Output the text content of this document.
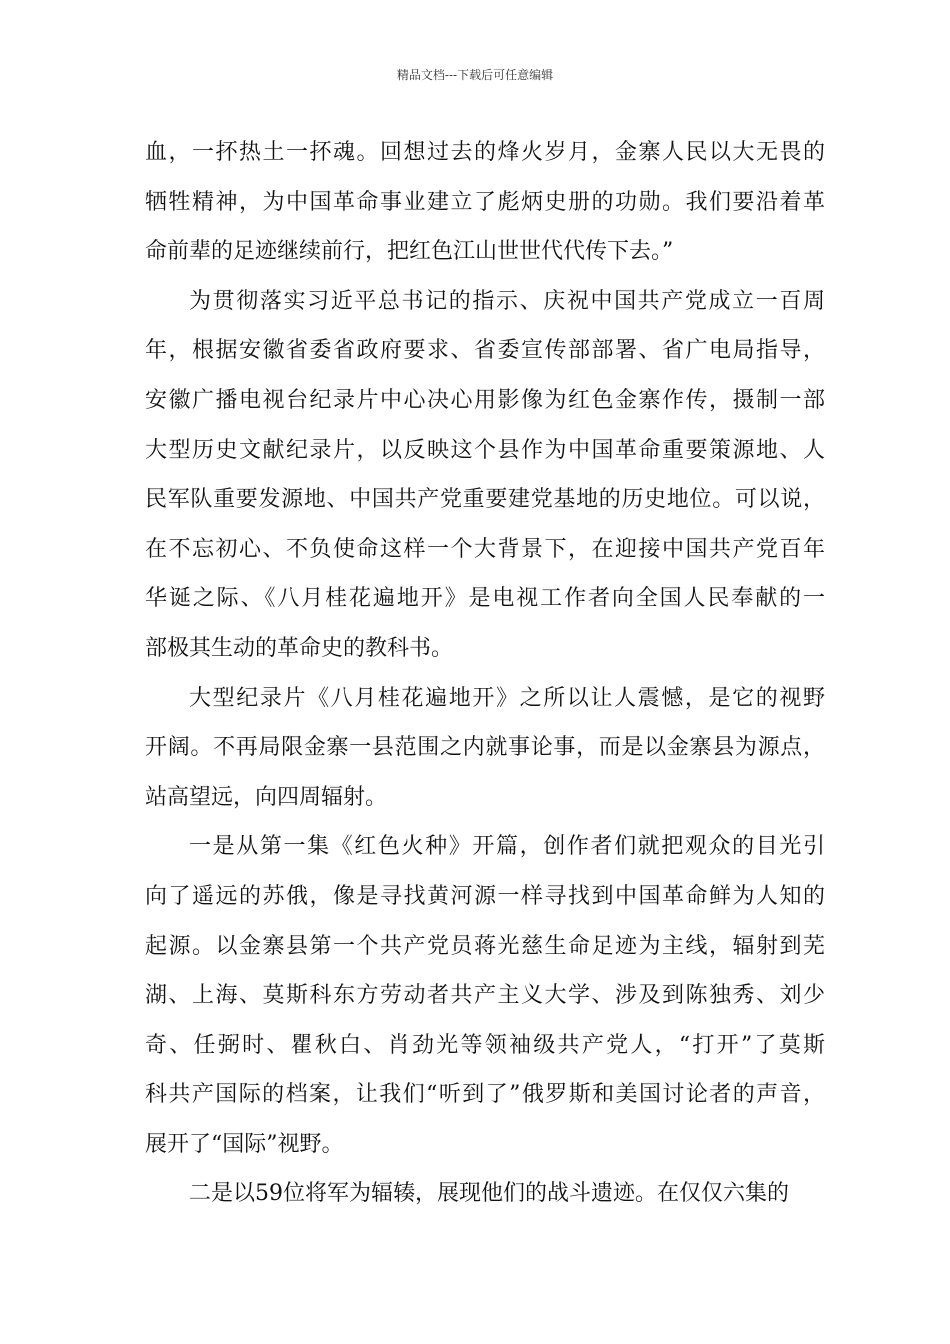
精品文档---下载后可任意编辑
血，一抔热土一抔魂。回想过去的烽火岁月，金寨人民以大无畏的
牺牲精神，为中国革命事业建立了彪炳史册的功勋。我们要沿着革
命前辈的足迹继续前行，把红色江山世世代代传下去。”
为贯彻落实习近平总书记的指示、庆祝中国共产党成立一百周
年，根据安徽省委省政府要求、省委宣传部部署、省广电局指导，
安徽广播电视台纪录片中心决心用影像为红色金寨作传，摄制一部
大型历史文献纪录片，以反映这个县作为中国革命重要策源地、人
民军队重要发源地、中国共产党重要建党基地的历史地位。可以说，
在不忘初心、不负使命这样一个大背景下，在迎接中国共产党百年
华诞之际、《八月桂花遍地开》是电视工作者向全国人民奉献的一
部极其生动的革命史的教科书。
大型纪录片《八月桂花遍地开》之所以让人震憾，是它的视野
开阔。不再局限金寨一县范围之内就事论事，而是以金寨县为源点，
站高望远，向四周辐射。
一是从第一集《红色火种》开篇，创作者们就把观众的目光引
向了遥远的苏俄，像是寻找黄河源一样寻找到中国革命鲜为人知的
起源。以金寨县第一个共产党员蒋光慈生命足迹为主线，辐射到芜
湖、上海、莫斯科东方劳动者共产主义大学、涉及到陈独秀、刘少
奇、任弼时、瞿秋白、肖劲光等领袖级共产党人，“打开”了莫斯
科共产国际的档案，让我们“听到了”俄罗斯和美国讨论者的声音，
展开了“国际”视野。
二是以59位将军为辐辏，展现他们的战斗遗迹。在仅仅六集的
